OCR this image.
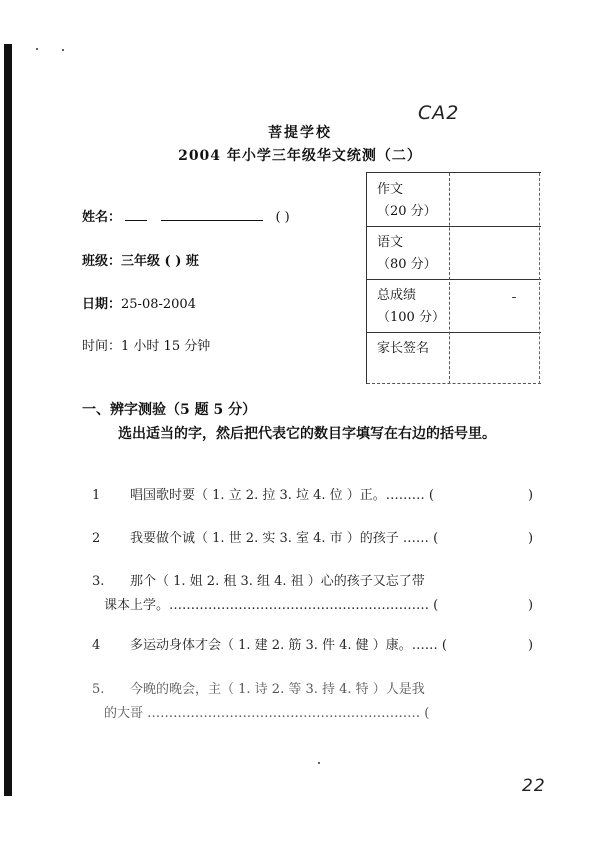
CA2
22
菩提学校
2004 年小学三年级华文统测（二）
姓名：	( )
班级：三年级 ( ) 班
日期：25-08-2004
时间：1 小时 15 分钟
作文
（20 分）
语文
（80 分）
总成绩
（100 分）
家长签名
一、辨字测验（5 题 5 分）
选出适当的字，然后把代表它的数目字填写在右边的括号里。
1 唱国歌时要（ 1. 立 2. 拉 3. 垃 4. 位 ）正。……… (	)
2 我要做个诚（ 1. 世 2. 实 3. 室 4. 市 ）的孩子 …… (	)
3. 那个（ 1. 姐 2. 租 3. 组 4. 祖 ）心的孩子又忘了带
课本上学。…………………………………………………… (	)
4 多运动身体才会（ 1. 建 2. 筋 3. 件 4. 健 ）康。…… (	)
5. 今晚的晚会，主（ 1. 诗 2. 等 3. 持 4. 特 ）人是我
的大哥 ……………………………………………………… (
